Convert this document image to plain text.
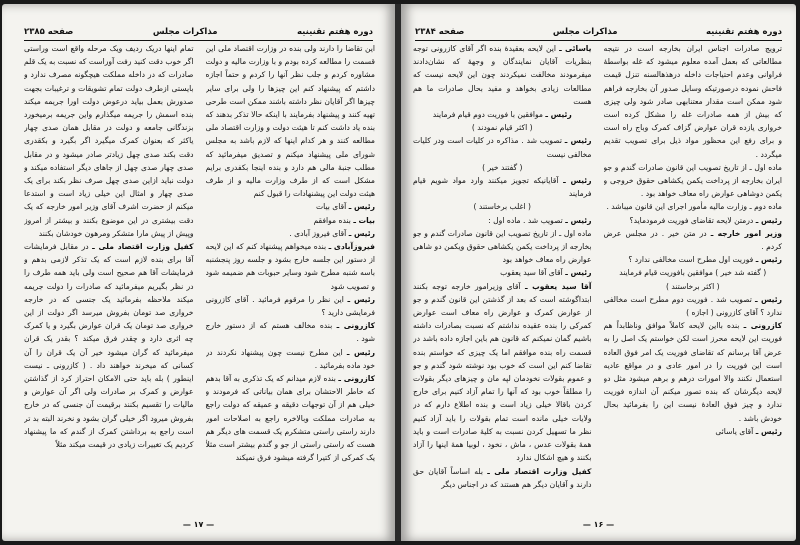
دوره هفتم تقنینیه
مذاکرات مجلس
صفحه ۲۳۸۵

این تقاضا را دارند ولی بنده در وزارت اقتصاد ملی این قسمت را مطالعه کرده بودم و با وزارت مالیه و دولت مشاوره کردم و جلب نظر آنها را کردم و حتماً اجازه داشتم که پیشنهاد کنم این چیزها را ولی برای سایر چیزها اگر آقایان نظر داشته باشند ممکن است طرحی تهیه کنند و پیشنهاد بفرمایند با اینکه حالا تذکر بدهند که بنده یاد داشت کنم تا هیئت دولت و وزارت اقتصاد ملی مطالعه کنند و هر کدام اینها که لازم باشد به مجلس شورای ملی پیشنهاد میکنم و تصدیق میفرمائید که مطلب جنبهٔ مالی هم دارد و بنده اینجا بکفدری برایم مشکل است که از طرف وزارت مالیه و از طرف هیئت دولت این پیشنهادات را قبول کنم

رئیس ـ آقای بیات

بیات ـ بنده موافقم

رئیس ـ آقای فیروز آبادی .

فیروزآبادی ـ بنده میخواهم پیشنهاد کنم که این لایحه از دستور این جلسه خارج بشود و جلسه روز پنجشنبه باسه شنبه مطرح شود وسایر حبوبات هم ضمیمه شود و تصویب شود

رئیس ـ این نظر را مرقوم فرمائید . آقای کازرونی فرمایشی دارید ؟

کازرونی ـ بنده مخالف هستم که از دستور خارج شود .

رئیس ـ این مطرح نیست چون پیشنهاد نکردند در خود ماده بفرمائید .

کازرونی ـ بنده لازم میدانم که یک تذکری به آقا بدهم که خاطر الاحتشان برای همان بیاناتی که فرمودند و خیلی هم از آن توجهات دقیقه و عمیقه که دولت راجع به صادرات مملکت وبالاخره راجع به اصلاحات امور دارند راستی راستی متشکرم یک قسمت های دیگر هم هست که راستی راستی از جو و گندم بیشتر است مثلاً یک کمرکی از کتیرا گرفته میشود فرق نمیکند

تمام اینها دریک ردیف ویک مرحله واقع است وراستی اگر خوب دقت کنید رفت آوراست که نسبت به یک قلم صادرات که در داخله مملکت هیچگونه مصرف ندارد و بایستی ازطرف دولت تمام تشویقات و ترغیبات بجهت صدورش بعمل بیاید درعوض دولت اورا جریمه میکند بنده اسمش را جریمه میگذارم واین جریمه برمیخورد بزندگانی جامعه و دولت در مقابل همان صدی چهار یاکثر که بعنوان کمرک میگیرد اگر بگیرد و بکقدری دقت بکند صدی چهل زیادتر صادر میشود و در مقابل صدی چهار صدی چهل از جاهای دیگر استفاده میکند و دولت نباید ازاین صدی چهل صرف نظر بکند برای یک صدی چهار و امثال این خیلی زیاد است و استدعا میکنم از حضرت اشرف آقای وزیر امور خارجه که یک دقت بیشتری در این موضوع بکنند و بیشتر از امروز وپیش از پیش مارا متشکر ومرهون خودشان بکنند

کفیل وزارت اقتصاد ملی ـ در مقابل فرمایشات آقا برای بنده لازم است که یک تذکر لازمی بدهم و فرمایشات آقا هم صحیح است ولی باید همه طرف را در نظر بگیریم میفرمائید که صادرات را دولت جریمه میکند ملاحظه بفرمائید یک جنسی که در خارجه خرواری صد تومان بفروش میرسد اگر دولت از این خرواری صد تومان یک قران عوارض بگیرد و یا کمرک چه اثری دارد و چقدر فرق میکند ؟ بقدر یک قران میفرمائید که گران میشود خیر آن یک قران را آن کسانی که میخرند خواهند داد . ( کازرونی ـ نیست اینطور ) بله باید حتی الامکان احتراز کرد از گذاشتن عوارض و کمرک بر صادرات ولی اگر آن عوارض و مالیات را تقسیم بکنند برقیمت آن جنسی که در خارج بفروش میرود اگر خیلی گران بشود و نخرند البته بد تر است راجع به برداشتن کمرک از گندم که ما پیشنهاد کردیم یک تغییرات زیادی در قیمت میکند مثلاً

— ۱۷ —
دوره هفتم تقنینیه
مذاکرات مجلس
صفحه ۲۳۸۴

ترویج صادرات اجناس ایران بخارجه است در نتیجه مطالعاتی که بعمل آمده معلوم میشود که غله بواسطهٔ فراوانی وعدم احتیاجات داخله درهذهالسنه تنزل قیمت فاحش نموده درصورتیکه وسایل صدور آن بخارجه فراهم شود ممکن است مقدار معتنابهی صادر شود ولی چیزی که بیش از همه صادرات غله را مشکل کرده است خرواری یازده قران عوارض گزاف کمرک وباج راه است و برای رفع این محظور مواد ذیل برای تصویب تقدیم میگردد .

ماده اول ـ از تاریخ تصویب این قانون صادرات گندم و جو ایران بخارجه از پرداخت یکمن یکشاهی حقوق خروجی و یکمن دوشاهی عوارض راه معاف خواهد بود .

ماده دوم ـ وزارت مالیه مأمور اجرای این قانون میباشد .

رئیس ـ درمتن لایحه تقاضای فوریت فرمودماید؟

وزیر امور خارجه ـ در متن خیر . در مجلس عرض کردم .

رئیس ـ فوریت اول مطرح است مخالفی ندارد ؟

( گفته شد خیر ) موافقین بافوریت قیام فرمایند

( اکثر برخاستند )

رئیس ـ تصویب شد . فوریت دوم مطرح است مخالفی ندارد ؟ آقای کازرونی ( اجازه )

کازرونی ـ بنده بااین لایحه کاملاً موافق وناظابداً هم فوریت این لایحه محرز است لکن خواستم یک اصل را به عرض آقا برسانم که تقاضای فوریت یک امر فوق العاده است این فوریت را در امور عادی و در مواقع عادیه استعمال نکنند والا امورات درهم و برهم میشود مثل دو لایحه دیگرشان که بنده تصور میکنم آن اندازه فوریت ندارد و چیز فوق العادهٔ نیست این را بفرمائید بحال خودش باشد .

رئیس ـ آقای یاسائی

یاسائی ـ این لایحه بعقیدهٔ بنده اگر آقای کازرونی توجه بنظریات آقایان نمایندگان و وجههٔ که نشان‌دادند میفرمودند مخالفت نمیکردند چون این لایحه نیست که مطالعات زیادی بخواهد و مفید بحال صادرات ما هم هست

رئیس ـ موافقین با فوریت دوم قیام فرمایند

( اکثر قیام نمودند )

رئیس ـ تصویب شد . مذاکره در کلیات است ودر کلیات مخالفی نیست

( گفتند خیر )

رئیس ـ آقایانیکه تجویز میکنند وارد مواد شویم قیام فرمایند

( اغلب برخاستند )

رئیس ـ تصویب شد . ماده اول :

ماده اول ـ از تاریخ تصویب این قانون صادرات گندم و جو بخارجه از پرداخت یکمن یکشاهی حقوق ویکمن دو شاهی عوارض راه معاف خواهد بود

رئیس ـ آقای آقا سید یعقوب

آقا سید یعقوب ـ آقای وزیرامور خارجه توجه بکنند ابتداگوشته است که بعد از گذشتن این قانون گندم و جو از عوارض کمرک و عوارض راه معاف است عوارض کمرکی را بنده عقیده نداشتم که نسبت بصادرات داشته باشیم گمان نمیکنم که قانون هم باین اجازه داده باشد در قسمت راه بنده موافقم اما یک چیزی که خواستم بنده تقاضا کنم این است که خوب بود نوشته شود گندم و جو و عموم بقولات نخودمان لپه مان و چیزهای دیگر بقولات را مطلقاً خوب بود که آنها را تمام آزاد کنیم برای خارج کردن باقالا خیلی زیاد است و بنده اطلاع دارم که در ولایات خیلی مانده است تمام بقولات را باید آزاد کنیم نظر ما تسهیل کردن نسبت به کلیهٔ صادرات است و باید همهٔ بقولات عدس ، ماش ، نخود ، لوبیا همهٔ اینها را آزاد بکنند و هیچ اشکال ندارد

کفیل وزارت اقتصاد ملی ـ بله اساساً آقایان حق دارند و آقایان دیگر هم هستند که در اجناس دیگر

— ۱۶ —
